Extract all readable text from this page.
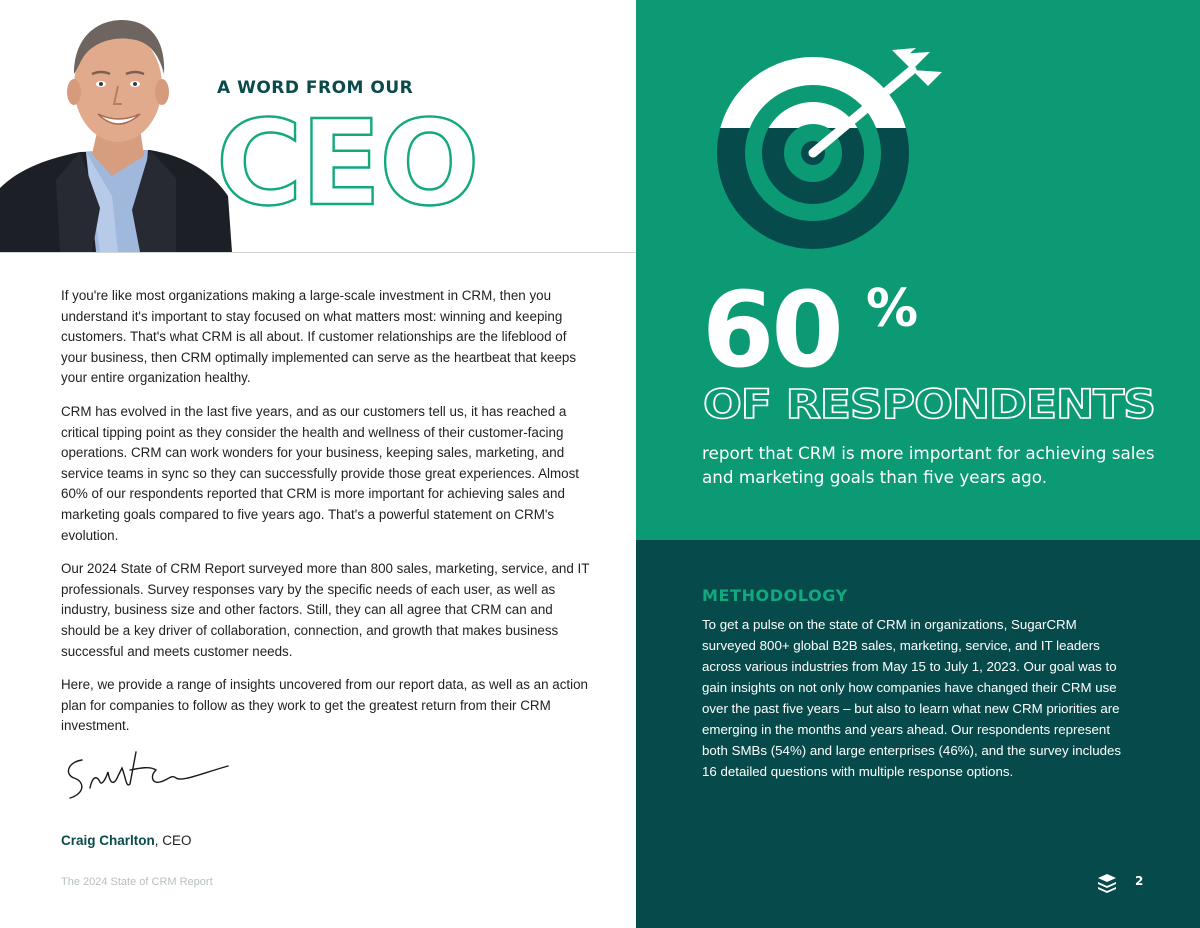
A WORD FROM OUR
CEO

If you're like most organizations making a large-scale investment in CRM, then you understand it's important to stay focused on what matters most: winning and keeping customers. That's what CRM is all about. If customer relationships are the lifeblood of your business, then CRM optimally implemented can serve as the heartbeat that keeps your entire organization healthy.

CRM has evolved in the last five years, and as our customers tell us, it has reached a critical tipping point as they consider the health and wellness of their customer-facing operations. CRM can work wonders for your business, keeping sales, marketing, and service teams in sync so they can successfully provide those great experiences. Almost 60% of our respondents reported that CRM is more important for achieving sales and marketing goals compared to five years ago. That's a powerful statement on CRM's evolution.

Our 2024 State of CRM Report surveyed more than 800 sales, marketing, service, and IT professionals. Survey responses vary by the specific needs of each user, as well as industry, business size and other factors. Still, they can all agree that CRM can and should be a key driver of collaboration, connection, and growth that makes business successful and meets customer needs.

Here, we provide a range of insights uncovered from our report data, as well as an action plan for companies to follow as they work to get the greatest return from their CRM investment.

Craig Charlton, CEO
The 2024 State of CRM Report
60 %
OF RESPONDENTS
report that CRM is more important for achieving sales and marketing goals than five years ago.
METHODOLOGY
To get a pulse on the state of CRM in organizations, SugarCRM surveyed 800+ global B2B sales, marketing, service, and IT leaders across various industries from May 15 to July 1, 2023. Our goal was to gain insights on not only how companies have changed their CRM use over the past five years – but also to learn what new CRM priorities are emerging in the months and years ahead. Our respondents represent both SMBs (54%) and large enterprises (46%), and the survey includes 16 detailed questions with multiple response options.
2
